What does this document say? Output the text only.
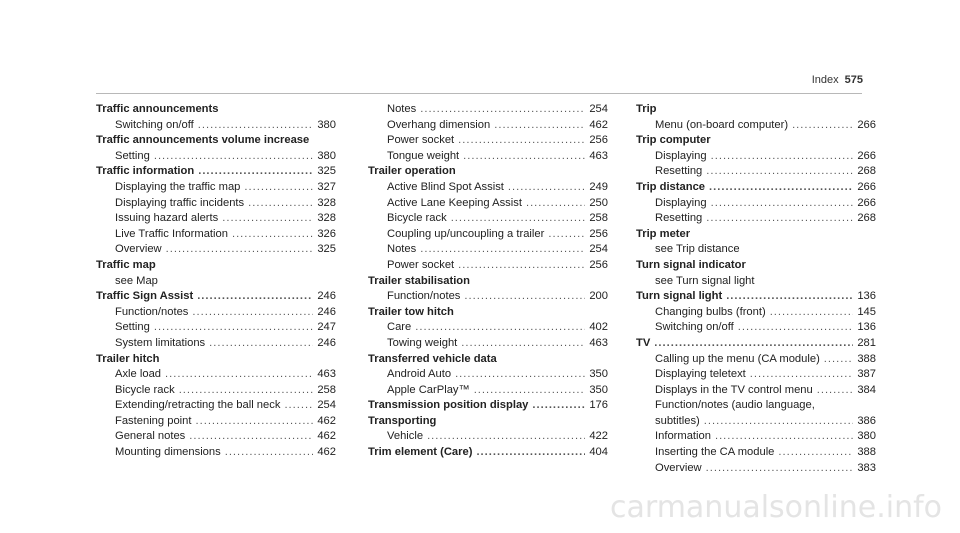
Index 575
Traffic announcements
Switching on/off .....	380
Traffic announcements volume increase
Setting .....	380
Traffic information .....	325
Displaying the traffic map .....	327
Displaying traffic incidents .....	328
Issuing hazard alerts .....	328
Live Traffic Information .....	326
Overview .....	325
Traffic map
see Map
Traffic Sign Assist .....	246
Function/notes .....	246
Setting .....	247
System limitations .....	246
Trailer hitch
Axle load .....	463
Bicycle rack .....	258
Extending/retracting the ball neck .....	254
Fastening point .....	462
General notes .....	462
Mounting dimensions .....	462
Notes .....	254
Overhang dimension .....	462
Power socket .....	256
Tongue weight .....	463
Trailer operation
Active Blind Spot Assist .....	249
Active Lane Keeping Assist .....	250
Bicycle rack .....	258
Coupling up/uncoupling a trailer .....	256
Notes .....	254
Power socket .....	256
Trailer stabilisation
Function/notes .....	200
Trailer tow hitch
Care .....	402
Towing weight .....	463
Transferred vehicle data
Android Auto .....	350
Apple CarPlay™ .....	350
Transmission position display .....	176
Transporting
Vehicle .....	422
Trim element (Care) .....	404
Trip
Menu (on-board computer) .....	266
Trip computer
Displaying .....	266
Resetting .....	268
Trip distance .....	266
Displaying .....	266
Resetting .....	268
Trip meter
see Trip distance
Turn signal indicator
see Turn signal light
Turn signal light .....	136
Changing bulbs (front) .....	145
Switching on/off .....	136
TV .....	281
Calling up the menu (CA module) .....	388
Displaying teletext .....	387
Displays in the TV control menu .....	384
Function/notes (audio language,
subtitles) .....	386
Information .....	380
Inserting the CA module .....	388
Overview .....	383
carmanualsonline.info
